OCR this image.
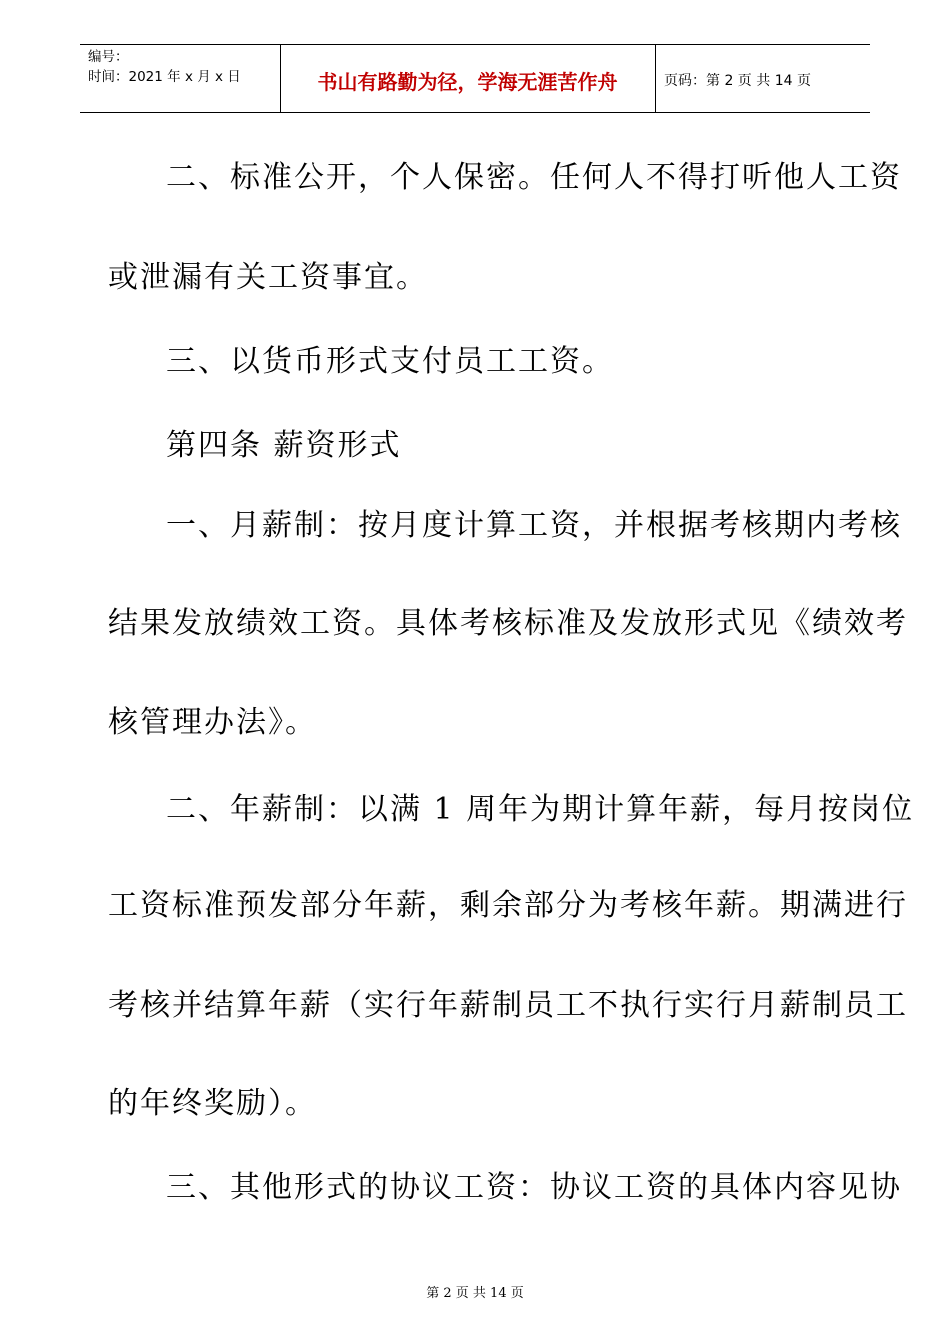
编号：
时间：2021 年 x 月 x 日	书山有路勤为径，学海无涯苦作舟	页码：第 2 页 共 14 页
二、标准公开，个人保密。任何人不得打听他人工资
或泄漏有关工资事宜。
三、以货币形式支付员工工资。
第四条 薪资形式
一、月薪制：按月度计算工资，并根据考核期内考核
结果发放绩效工资。具体考核标准及发放形式见《绩效考
核管理办法》。
二、年薪制：以满 1 周年为期计算年薪，每月按岗位
工资标准预发部分年薪，剩余部分为考核年薪。期满进行
考核并结算年薪（实行年薪制员工不执行实行月薪制员工
的年终奖励）。
三、其他形式的协议工资：协议工资的具体内容见协
第 2 页 共 14 页
